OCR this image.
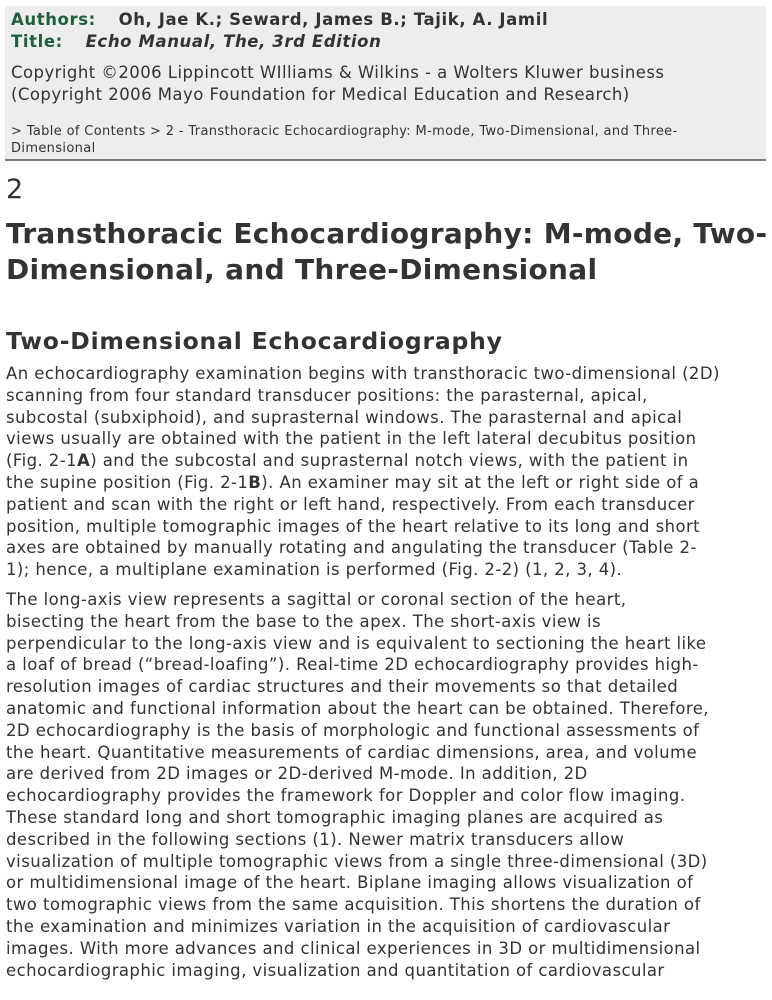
Authors: Oh, Jae K.; Seward, James B.; Tajik, A. Jamil
Title: Echo Manual, The, 3rd Edition
Copyright ©2006 Lippincott WIlliams & Wilkins - a Wolters Kluwer business
(Copyright 2006 Mayo Foundation for Medical Education and Research)
> Table of Contents > 2 - Transthoracic Echocardiography: M-mode, Two-Dimensional, and Three-
Dimensional
2
Transthoracic Echocardiography: M-mode, Two-
Dimensional, and Three-Dimensional
Two-Dimensional Echocardiography

An echocardiography examination begins with transthoracic two-dimensional (2D)
scanning from four standard transducer positions: the parasternal, apical,
subcostal (subxiphoid), and suprasternal windows. The parasternal and apical
views usually are obtained with the patient in the left lateral decubitus position
(Fig. 2-1A) and the subcostal and suprasternal notch views, with the patient in
the supine position (Fig. 2-1B). An examiner may sit at the left or right side of a
patient and scan with the right or left hand, respectively. From each transducer
position, multiple tomographic images of the heart relative to its long and short
axes are obtained by manually rotating and angulating the transducer (Table 2-
1); hence, a multiplane examination is performed (Fig. 2-2) (1, 2, 3, 4).

The long-axis view represents a sagittal or coronal section of the heart,
bisecting the heart from the base to the apex. The short-axis view is
perpendicular to the long-axis view and is equivalent to sectioning the heart like
a loaf of bread (“bread-loafing”). Real-time 2D echocardiography provides high-
resolution images of cardiac structures and their movements so that detailed
anatomic and functional information about the heart can be obtained. Therefore,
2D echocardiography is the basis of morphologic and functional assessments of
the heart. Quantitative measurements of cardiac dimensions, area, and volume
are derived from 2D images or 2D-derived M-mode. In addition, 2D
echocardiography provides the framework for Doppler and color flow imaging.
These standard long and short tomographic imaging planes are acquired as
described in the following sections (1). Newer matrix transducers allow
visualization of multiple tomographic views from a single three-dimensional (3D)
or multidimensional image of the heart. Biplane imaging allows visualization of
two tomographic views from the same acquisition. This shortens the duration of
the examination and minimizes variation in the acquisition of cardiovascular
images. With more advances and clinical experiences in 3D or multidimensional
echocardiographic imaging, visualization and quantitation of cardiovascular
